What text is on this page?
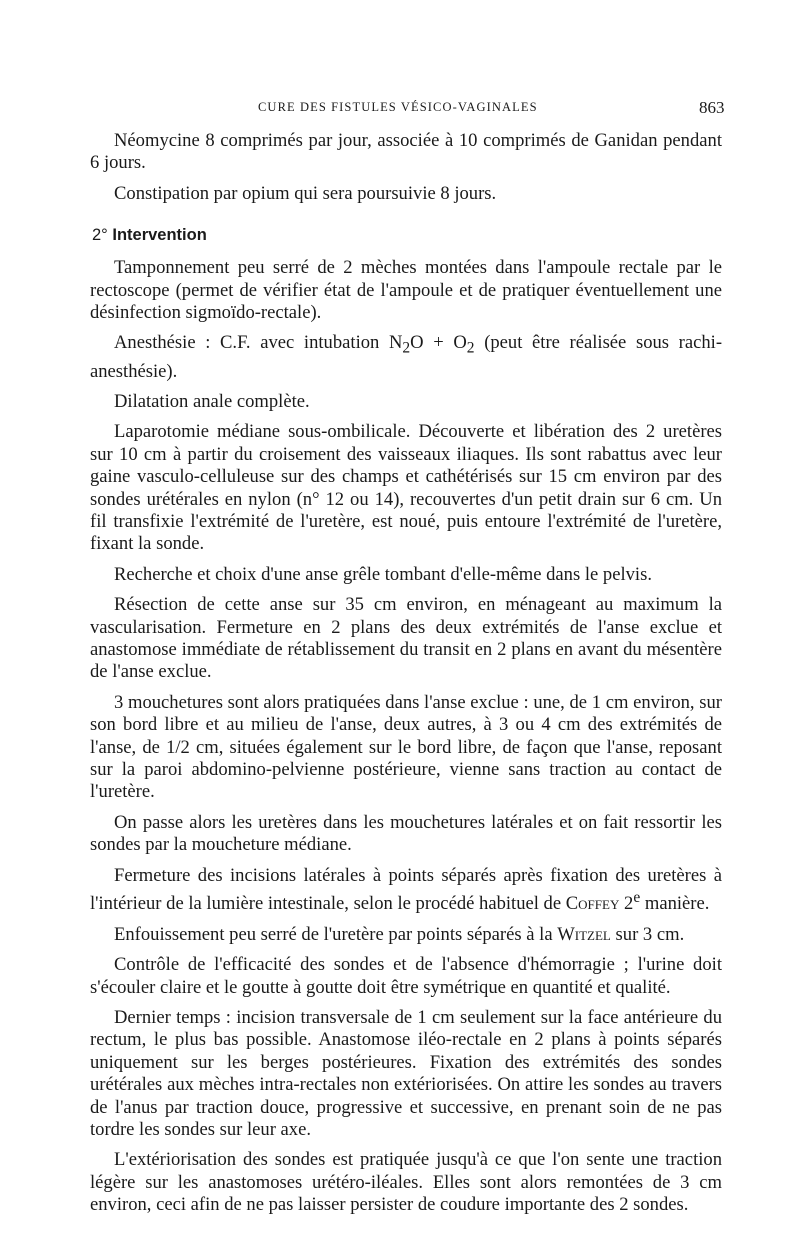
CURE DES FISTULES VÉSICO-VAGINALES	863

Néomycine 8 comprimés par jour, associée à 10 comprimés de Ganidan pendant 6 jours.

Constipation par opium qui sera poursuivie 8 jours.

2° Intervention

Tamponnement peu serré de 2 mèches montées dans l'ampoule rectale par le rectoscope (permet de vérifier état de l'ampoule et de pratiquer éventuellement une désinfection sigmoïdo-rectale).

Anesthésie : C.F. avec intubation $N_2O + O_2$ (peut être réalisée sous rachi-anesthésie).

Dilatation anale complète.

Laparotomie médiane sous-ombilicale. Découverte et libération des 2 uretères sur 10 cm à partir du croisement des vaisseaux iliaques. Ils sont rabattus avec leur gaine vasculo-celluleuse sur des champs et cathétérisés sur 15 cm environ par des sondes urétérales en nylon (n° 12 ou 14), recouvertes d'un petit drain sur 6 cm. Un fil transfixie l'extrémité de l'uretère, est noué, puis entoure l'extrémité de l'uretère, fixant la sonde.

Recherche et choix d'une anse grêle tombant d'elle-même dans le pelvis.

Résection de cette anse sur 35 cm environ, en ménageant au maximum la vascularisation. Fermeture en 2 plans des deux extrémités de l'anse exclue et anastomose immédiate de rétablissement du transit en 2 plans en avant du mésentère de l'anse exclue.

3 mouchetures sont alors pratiquées dans l'anse exclue : une, de 1 cm environ, sur son bord libre et au milieu de l'anse, deux autres, à 3 ou 4 cm des extrémités de l'anse, de 1/2 cm, situées également sur le bord libre, de façon que l'anse, reposant sur la paroi abdomino-pelvienne postérieure, vienne sans traction au contact de l'uretère.

On passe alors les uretères dans les mouchetures latérales et on fait ressortir les sondes par la moucheture médiane.

Fermeture des incisions latérales à points séparés après fixation des uretères à l'intérieur de la lumière intestinale, selon le procédé habituel de Coffey 2e manière.

Enfouissement peu serré de l'uretère par points séparés à la Witzel sur 3 cm.

Contrôle de l'efficacité des sondes et de l'absence d'hémorragie ; l'urine doit s'écouler claire et le goutte à goutte doit être symétrique en quantité et qualité.

Dernier temps : incision transversale de 1 cm seulement sur la face antérieure du rectum, le plus bas possible. Anastomose iléo-rectale en 2 plans à points séparés uniquement sur les berges postérieures. Fixation des extrémités des sondes urétérales aux mèches intra-rectales non extériorisées. On attire les sondes au travers de l'anus par traction douce, progressive et successive, en prenant soin de ne pas tordre les sondes sur leur axe.

L'extériorisation des sondes est pratiquée jusqu'à ce que l'on sente une traction légère sur les anastomoses urétéro-iléales. Elles sont alors remontées de 3 cm environ, ceci afin de ne pas laisser persister de coudure importante des 2 sondes.
